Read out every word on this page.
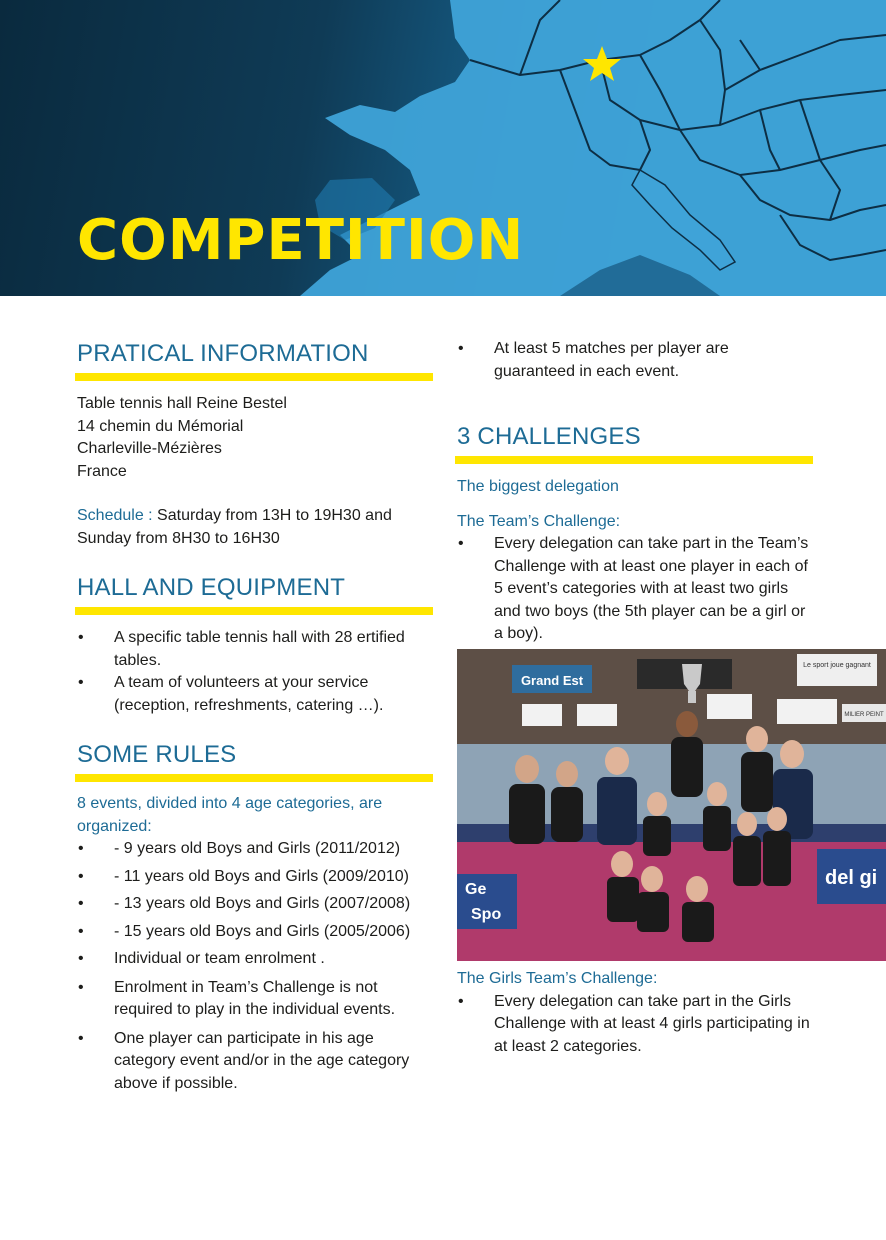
COMPETITION
PRATICAL INFORMATION

Table tennis hall Reine Bestel

14 chemin du Mémorial

Charleville-Mézières

France

Schedule : Saturday from 13H to 19H30 and Sunday from 8H30 to 16H30

HALL AND EQUIPMENT
• A specific table tennis hall with 28 ertified tables.
• A team of volunteers at your service (reception, refreshments, catering …).
SOME RULES

8 events, divided into 4 age categories, are organized:

• - 9 years old Boys and Girls (2011/2012)
• - 11 years old Boys and Girls (2009/2010)
• - 13 years old Boys and Girls (2007/2008)
• - 15 years old Boys and Girls (2005/2006)
• Individual or team enrolment .
• Enrolment in Team’s Challenge is not required to play in the individual events.
• One player can participate in his age category event and/or in the age category above if possible.
• At least 5 matches per player are guaranteed in each event.
3 CHALLENGES

The biggest delegation

The Team’s Challenge:

• Every delegation can take part in the Team’s Challenge with at least one player in each of 5 event’s categories with at least two girls and two boys (the 5th player can be a girl or a boy).
Grand Est
Le sport joue gagnant
MILIER PEINT
Ge
Spo
del gi

The Girls Team’s Challenge:

• Every delegation can take part in the Girls Challenge with at least 4 girls participating in at least 2 categories.
